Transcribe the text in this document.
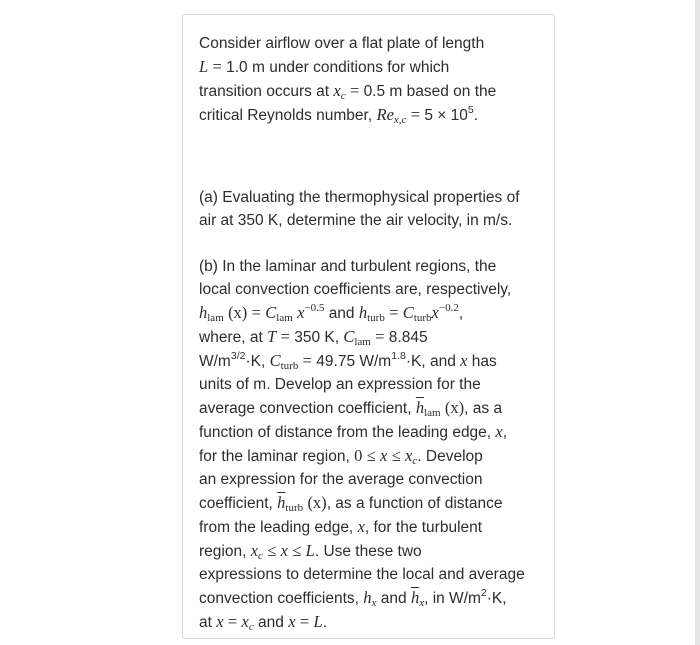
Consider airflow over a flat plate of length
L = 1.0 m under conditions for which
transition occurs at xc = 0.5 m based on the
critical Reynolds number, $Rex,c = 5 \times 10^5$.
(a) Evaluating the thermophysical properties of
air at 350 K, determine the air velocity, in m/s.
(b) In the laminar and turbulent regions, the
local convection coefficients are, respectively,
hlam (x) = Clam $x^{-0.5}$ and hturb = Cturbx$^{-0.2}$,
where, at T = 350 K, Clam = 8.845
$W/m^{3/2}\cdot K$, Cturb = 49.75 $W/m^{1.8}\cdot K$, and x has
units of m. Develop an expression for the
average convection coefficient, $\overline{h}lam$ (x), as a
function of distance from the leading edge, x,
for the laminar region, 0 ≤ x ≤ xc. Develop
an expression for the average convection
coefficient, $\overline{h}turb$ (x), as a function of distance
from the leading edge, x, for the turbulent
region, xc ≤ x ≤ L. Use these two
expressions to determine the local and average
convection coefficients, hx and $\overline{h}x$, in $W/m^2\cdot K$,
at x = xc and x = L.
